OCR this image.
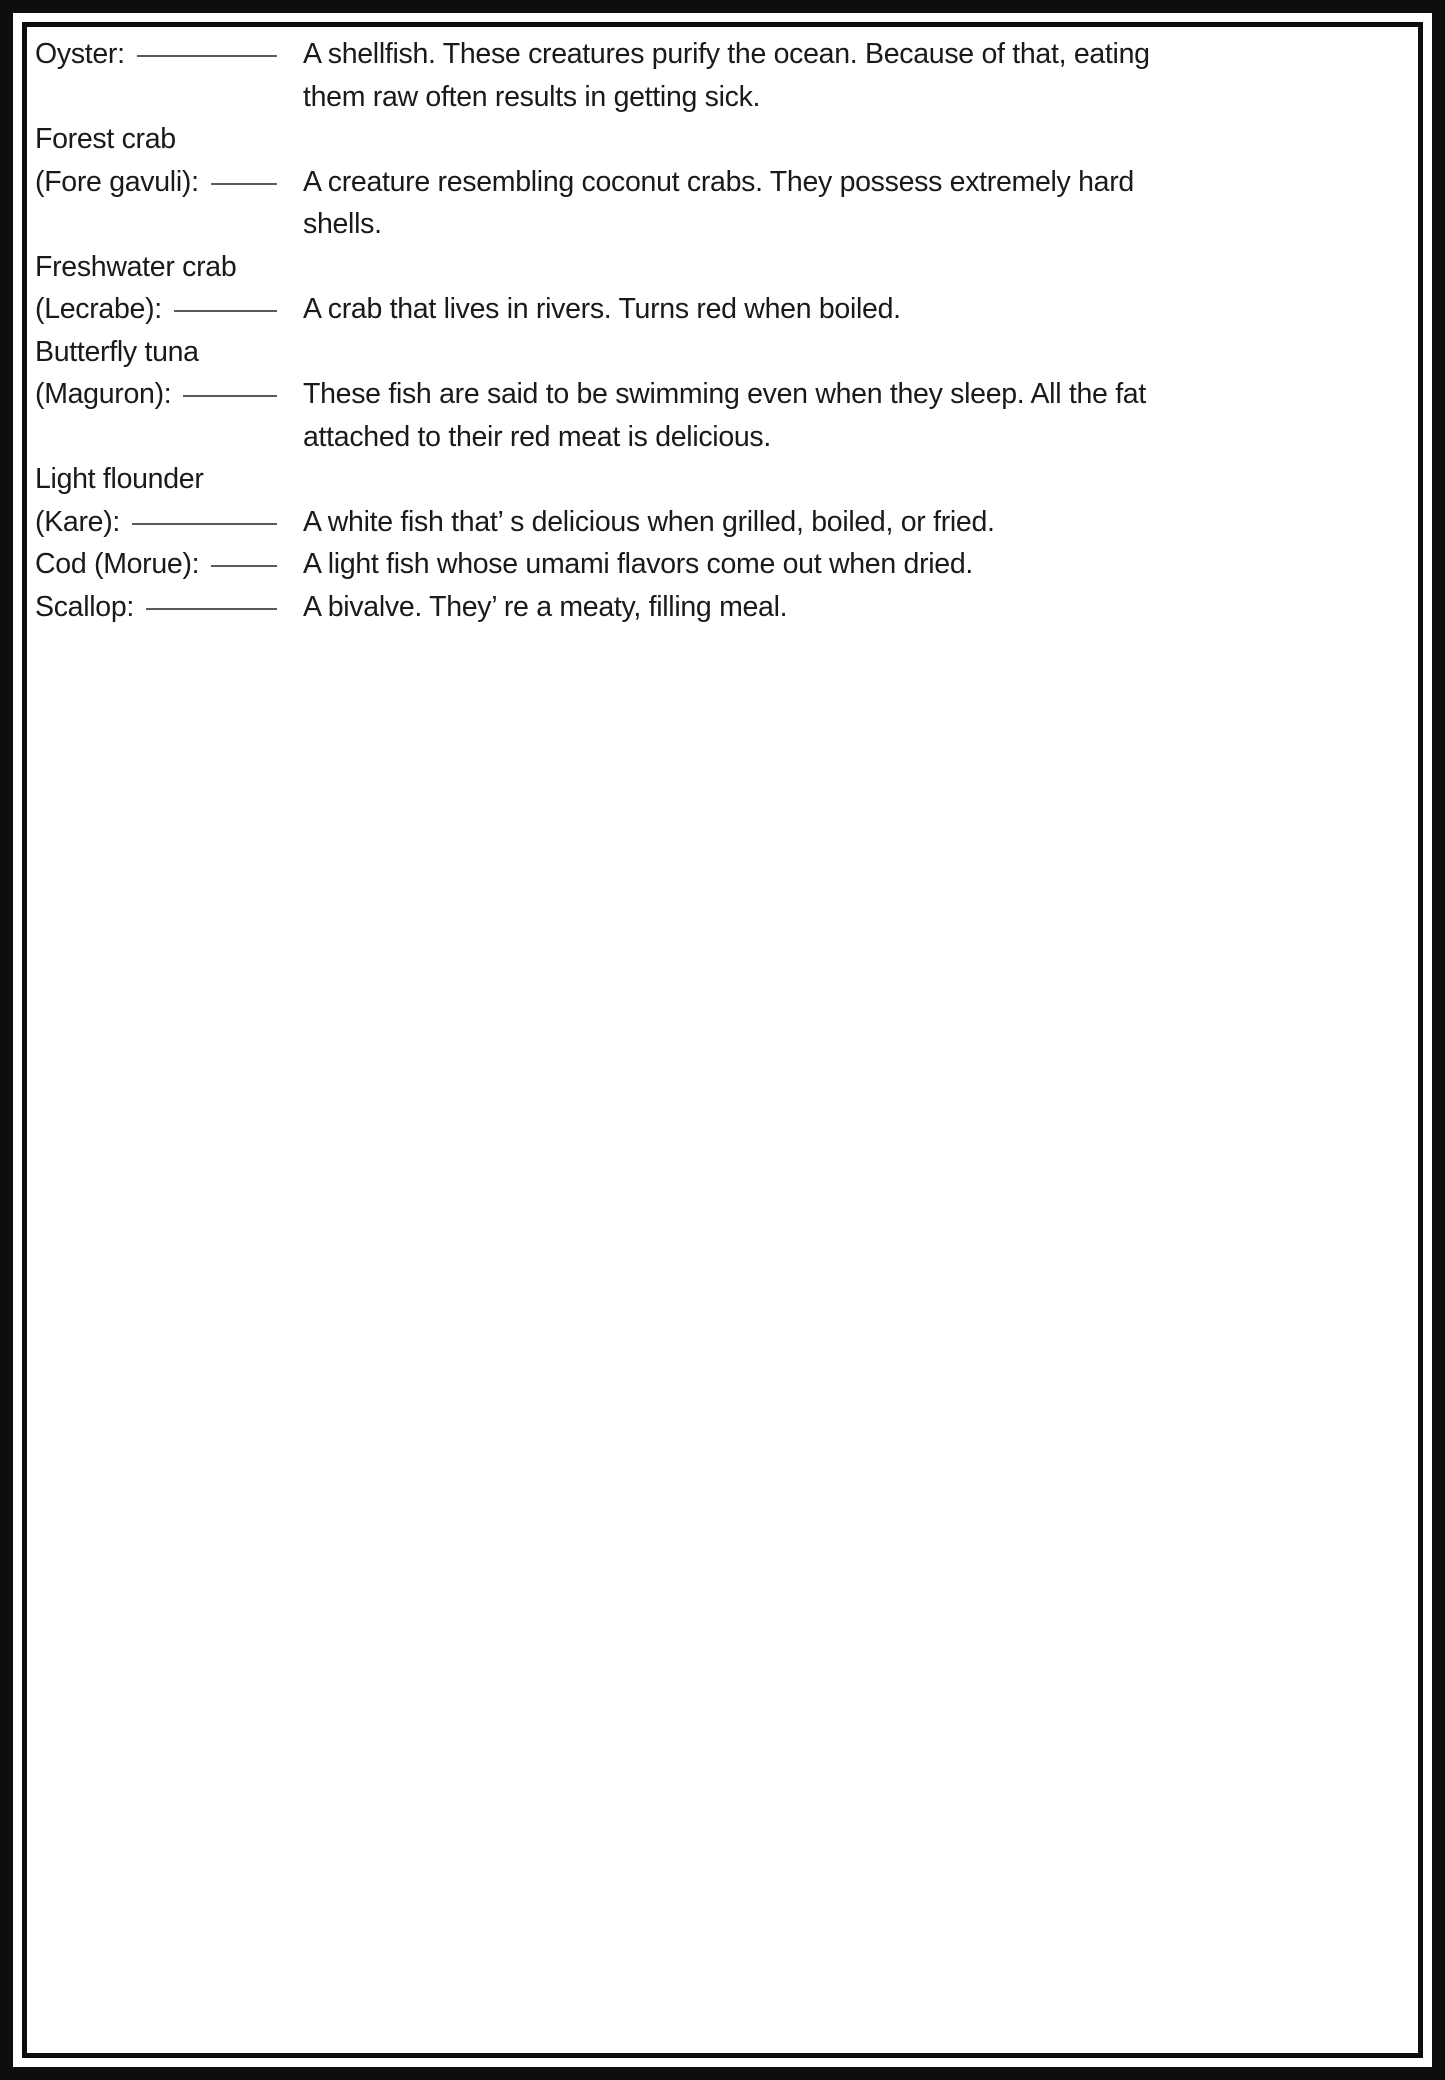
Oyster:	A shellfish. These creatures purify the ocean. Because of that, eating
them raw often results in getting sick.
Forest crab
(Fore gavuli):	A creature resembling coconut crabs. They possess extremely hard
shells.
Freshwater crab
(Lecrabe):	A crab that lives in rivers. Turns red when boiled.
Butterfly tuna
(Maguron):	These fish are said to be swimming even when they sleep. All the fat
attached to their red meat is delicious.
Light flounder
(Kare):	A white fish that’ s delicious when grilled, boiled, or fried.
Cod (Morue):	A light fish whose umami flavors come out when dried.
Scallop:	A bivalve. They’ re a meaty, filling meal.
